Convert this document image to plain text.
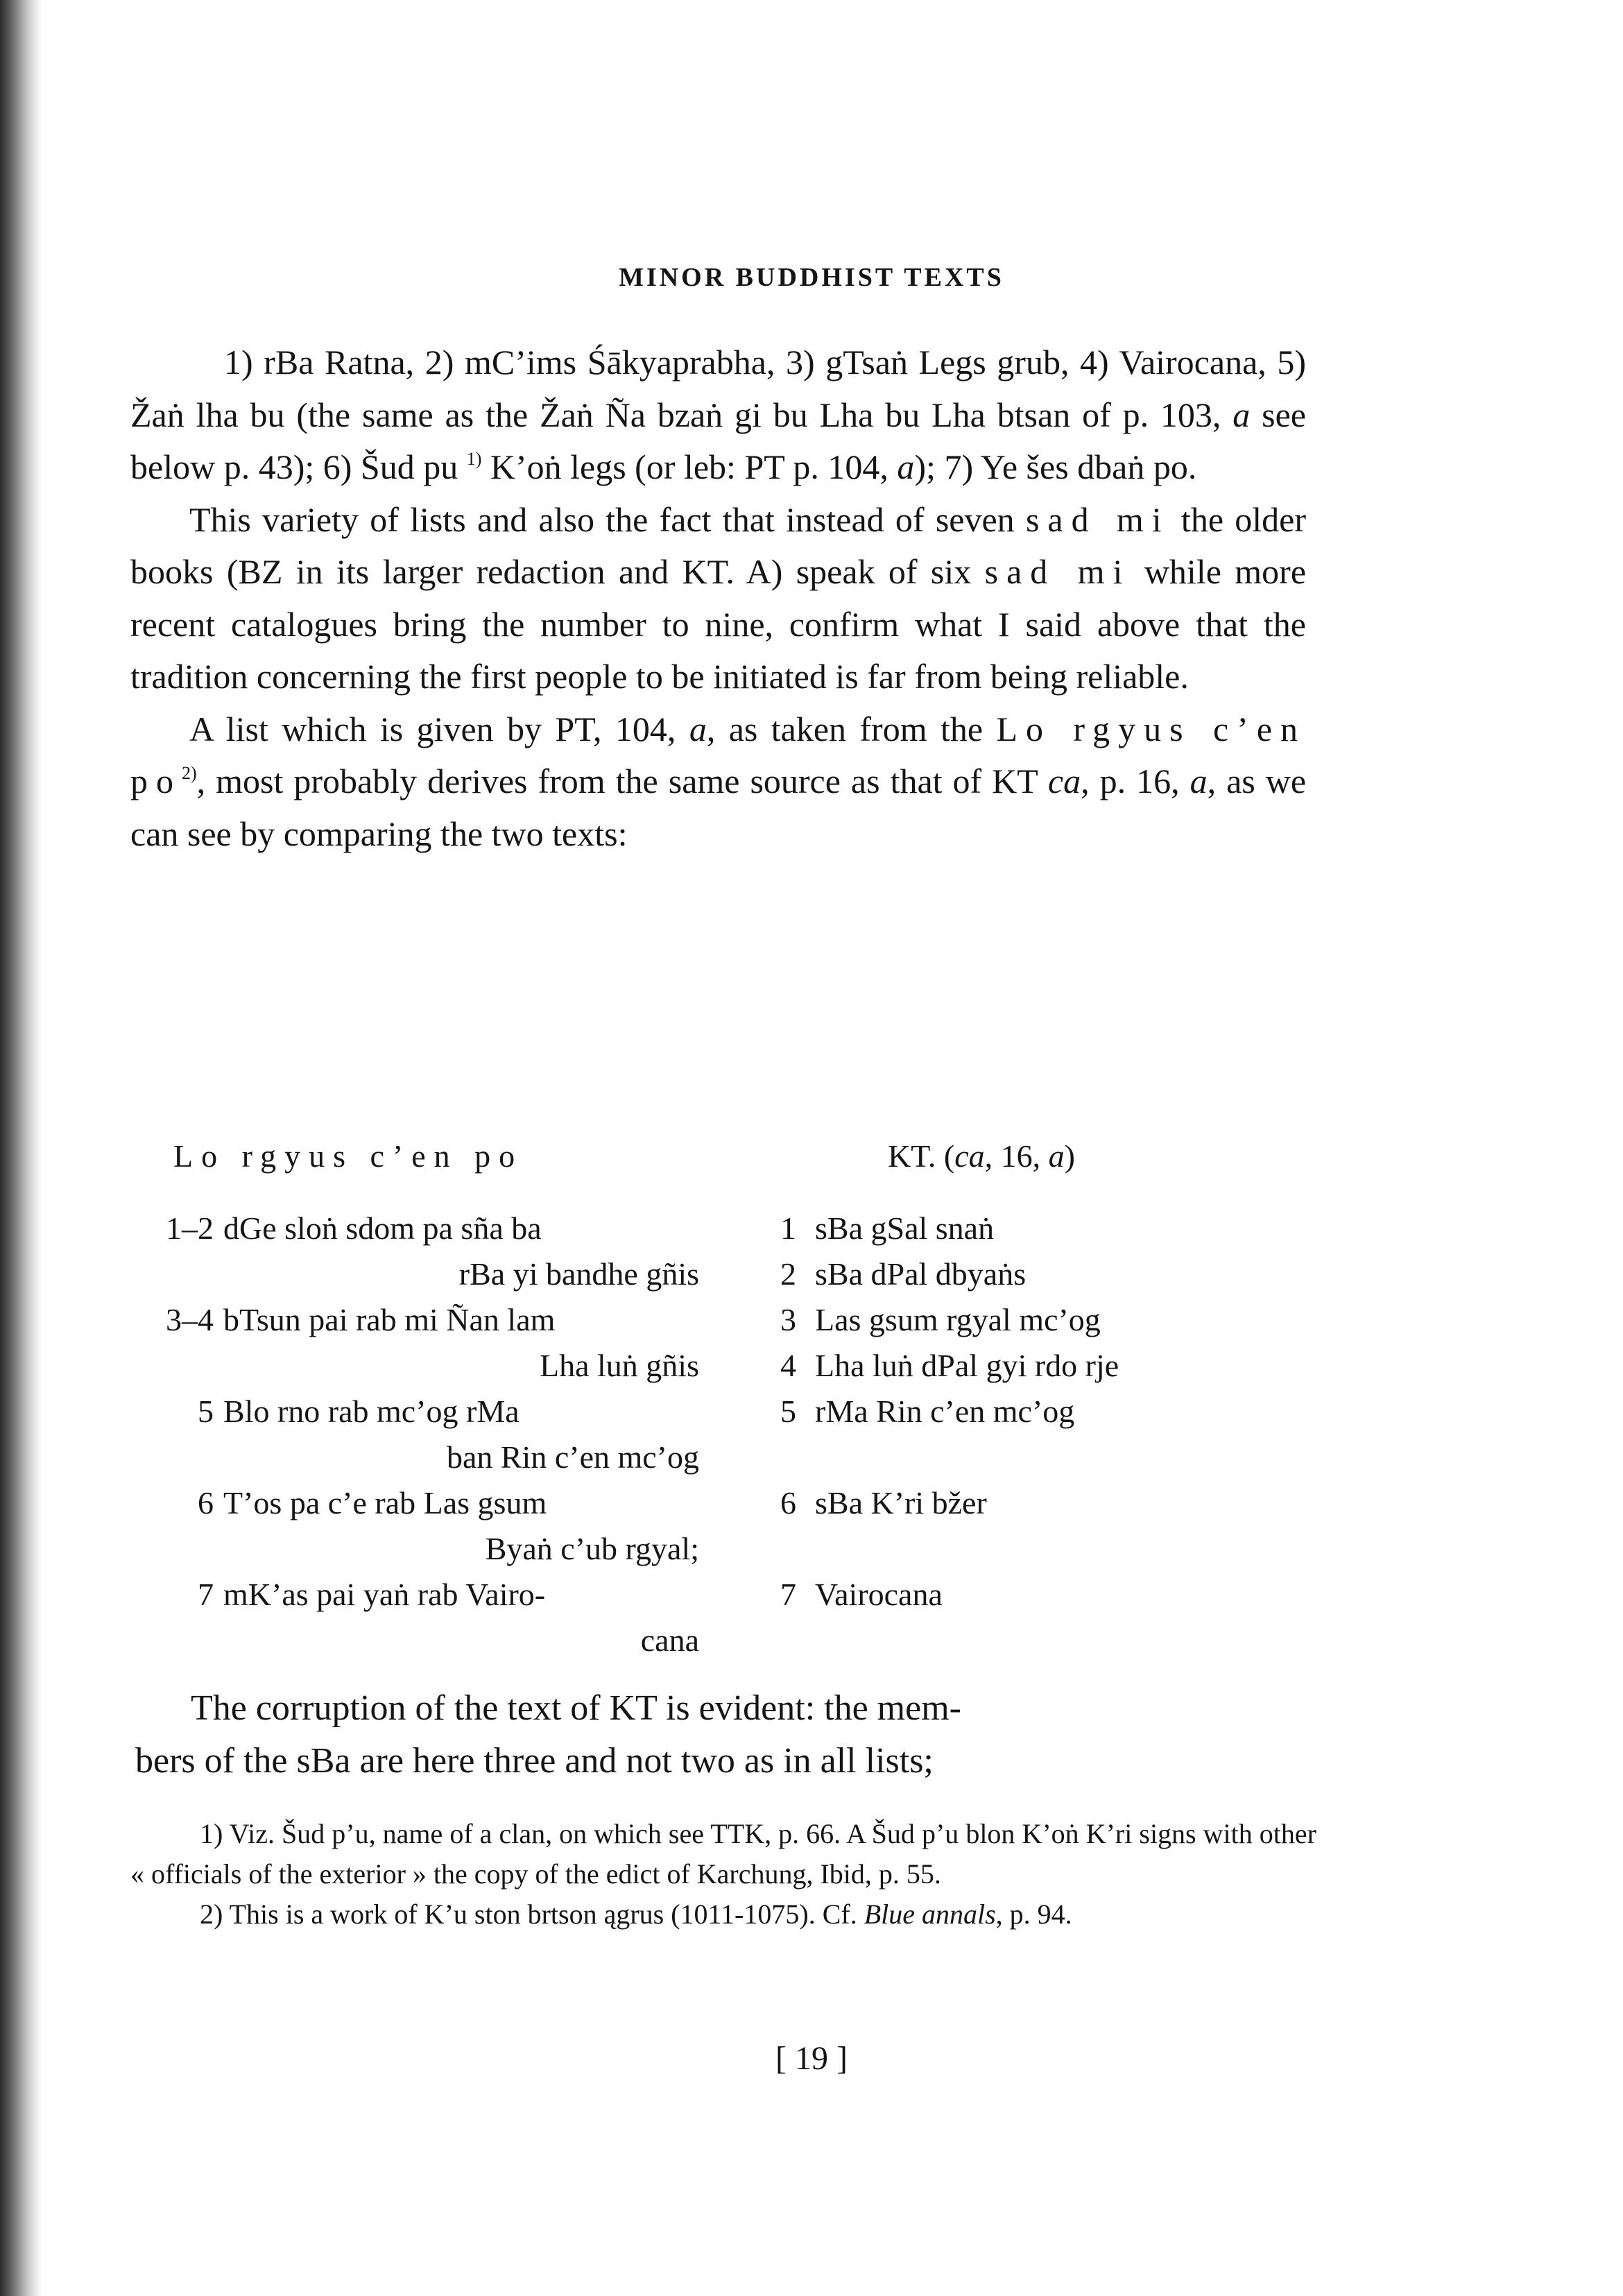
MINOR BUDDHIST TEXTS

1) rBa Ratna, 2) mC’ims Śākyaprabha, 3) gTsaṅ Legs grub, 4) Vairocana, 5) Žaṅ lha bu (the same as the Žaṅ Ña bzaṅ gi bu Lha bu Lha btsan of p. 103, a see below p. 43); 6) Šud pu $^{1)}$ K’oṅ legs (or leb: PT p. 104, a); 7) Ye šes dbaṅ po.

This variety of lists and also the fact that instead of seven sad mi the older books (BZ in its larger redaction and KT. A) speak of six sad mi while more recent catalogues bring the number to nine, confirm what I said above that the tradition concerning the first people to be initiated is far from being reliable.

A list which is given by PT, 104, a, as taken from the Lo rgyus c’en $po^{2)}$, most probably derives from the same source as that of KT ca, p. 16, a, as we can see by comparing the two texts:

Lo rgyus c’en po	KT. (ca, 16, a)
1–2 dGe sloṅ sdom pa sña ba
rBa yi bandhe gñis
3–4 bTsun pai rab mi Ñan lam
Lha luṅ gñis
5 Blo rno rab mc’og rMa
ban Rin c’en mc’og
6 T’os pa c’e rab Las gsum
Byaṅ c’ub rgyal;
7 mK’as pai yaṅ rab Vairo-
cana
1 sBa gSal snaṅ
2 sBa dPal dbyaṅs
3 Las gsum rgyal mc’og
4 Lha luṅ dPal gyi rdo rje
5 rMa Rin c’en mc’og
6 sBa K’ri bžer
7 Vairocana
The corruption of the text of KT is evident: the mem-
bers of the sBa are here three and not two as in all lists;

1) Viz. Šud p’u, name of a clan, on which see TTK, p. 66. A Šud p’u blon K’oṅ K’ri signs with other « officials of the exterior » the copy of the edict of Karchung, Ibid, p. 55.

2) This is a work of K’u ston brtson ągrus (1011-1075). Cf. Blue annals, p. 94.

[ 19 ]
